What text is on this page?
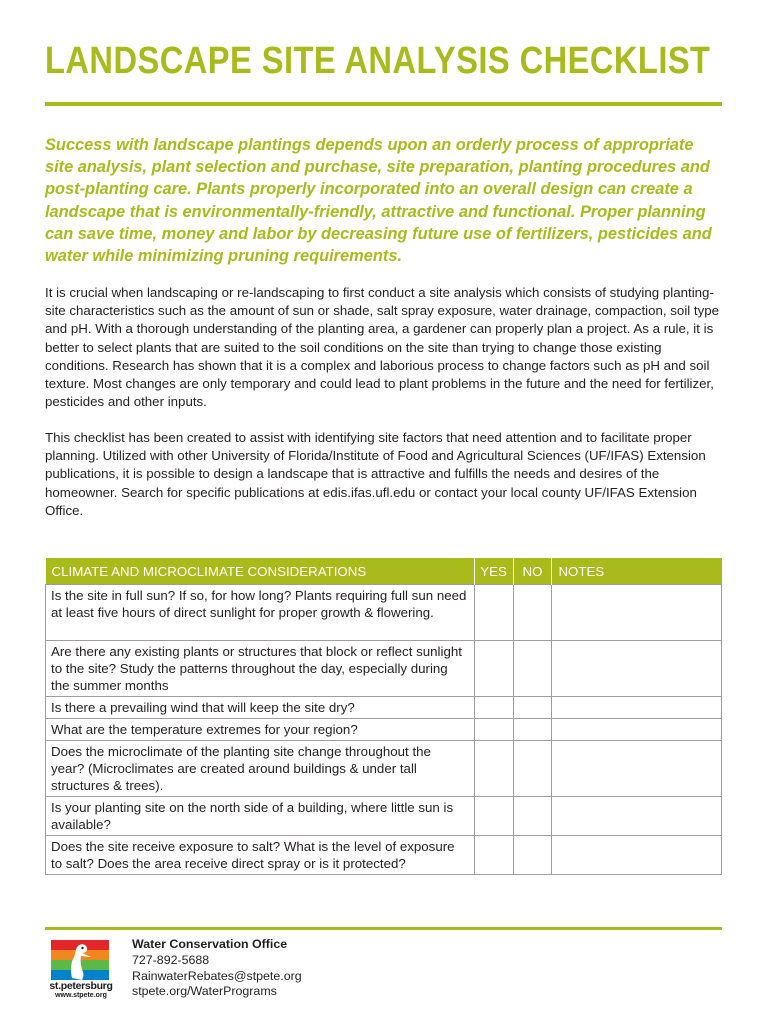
LANDSCAPE SITE ANALYSIS CHECKLIST

Success with landscape plantings depends upon an orderly process of appropriate site analysis, plant selection and purchase, site preparation, planting procedures and post-planting care. Plants properly incorporated into an overall design can create a landscape that is environmentally-friendly, attractive and functional. Proper planning can save time, money and labor by decreasing future use of fertilizers, pesticides and water while minimizing pruning requirements.

It is crucial when landscaping or re-landscaping to first conduct a site analysis which consists of studying planting-site characteristics such as the amount of sun or shade, salt spray exposure, water drainage, compaction, soil type and pH. With a thorough understanding of the planting area, a gardener can properly plan a project. As a rule, it is better to select plants that are suited to the soil conditions on the site than trying to change those existing conditions. Research has shown that it is a complex and laborious process to change factors such as pH and soil texture. Most changes are only temporary and could lead to plant problems in the future and the need for fertilizer, pesticides and other inputs.

This checklist has been created to assist with identifying site factors that need attention and to facilitate proper planning. Utilized with other University of Florida/Institute of Food and Agricultural Sciences (UF/IFAS) Extension publications, it is possible to design a landscape that is attractive and fulfills the needs and desires of the homeowner. Search for specific publications at edis.ifas.ufl.edu or contact your local county UF/IFAS Extension Office.

CLIMATE AND MICROCLIMATE CONSIDERATIONS	YES	NO	NOTES
Is the site in full sun? If so, for how long? Plants requiring full sun need at least five hours of direct sunlight for proper growth & flowering.			
Are there any existing plants or structures that block or reflect sunlight to the site? Study the patterns throughout the day, especially during the summer months			
Is there a prevailing wind that will keep the site dry?			
What are the temperature extremes for your region?			
Does the microclimate of the planting site change throughout the year? (Microclimates are created around buildings & under tall structures & trees).			
Is your planting site on the north side of a building, where little sun is available?			
Does the site receive exposure to salt? What is the level of exposure to salt? Does the area receive direct spray or is it protected?			
st.petersburg
www.stpete.org
Water Conservation Office
727-892-5688
RainwaterRebates@stpete.org
stpete.org/WaterPrograms
